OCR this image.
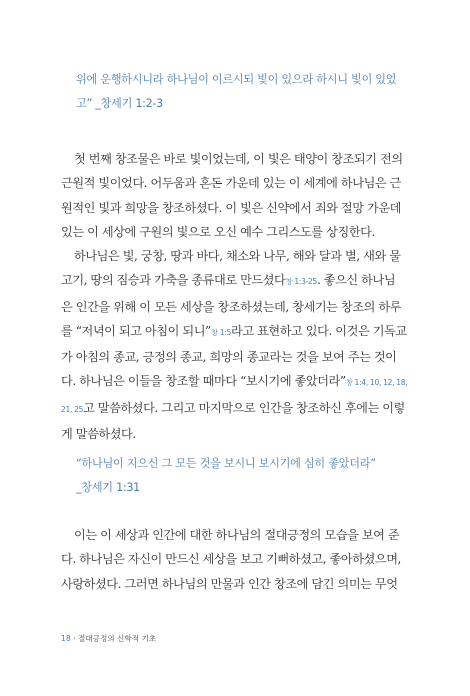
위에 운행하시니라 하나님이 이르시되 빛이 있으라 하시니 빛이 있었
고” _창세기 1:2-3
첫 번째 창조물은 바로 빛이었는데, 이 빛은 태양이 창조되기 전의
근원적 빛이었다. 어두움과 혼돈 가운데 있는 이 세계에 하나님은 근
원적인 빛과 희망을 창조하셨다. 이 빛은 신약에서 죄와 절망 가운데
있는 이 세상에 구원의 빛으로 오신 예수 그리스도를 상징한다.
하나님은 빛, 궁창, 땅과 바다, 채소와 나무, 해와 달과 별, 새와 물
고기, 땅의 짐승과 가축을 종류대로 만드셨다창 1:3-25. 좋으신 하나님
은 인간을 위해 이 모든 세상을 창조하셨는데, 창세기는 창조의 하루
를 “저녁이 되고 아침이 되니”창 1:5라고 표현하고 있다. 이것은 기독교
가 아침의 종교, 긍정의 종교, 희망의 종교라는 것을 보여 주는 것이
다. 하나님은 이들을 창조할 때마다 “보시기에 좋았더라”창 1:4, 10, 12, 18,
21, 25고 말씀하셨다. 그리고 마지막으로 인간을 창조하신 후에는 이렇
게 말씀하셨다.
“하나님이 지으신 그 모든 것을 보시니 보시기에 심히 좋았더라”
_창세기 1:31
이는 이 세상과 인간에 대한 하나님의 절대긍정의 모습을 보여 준
다. 하나님은 자신이 만드신 세상을 보고 기뻐하셨고, 좋아하셨으며,
사랑하셨다. 그러면 하나님의 만물과 인간 창조에 담긴 의미는 무엇
18 · 절대긍정의 신학적 기초
